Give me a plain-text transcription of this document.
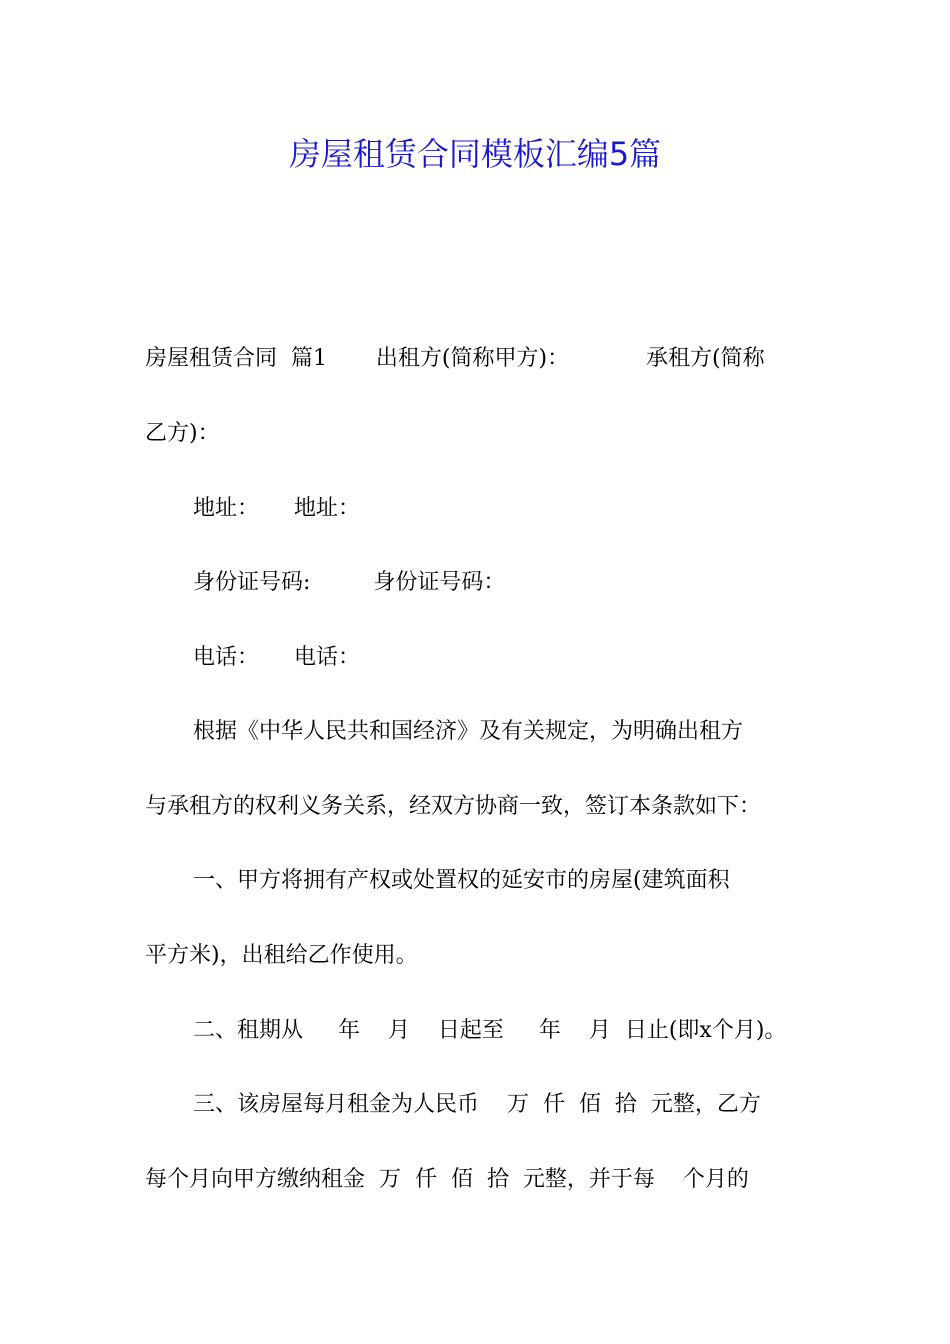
房屋租赁合同模板汇编5篇
房屋租赁合同  篇1       出租方(简称甲方)：           承租方(简称
乙方)：
地址：     地址：
身份证号码:         身份证号码：
电话：     电话：
根据《中华人民共和国经济》及有关规定，为明确出租方
与承租方的权利义务关系，经双方协商一致，签订本条款如下：
一、甲方将拥有产权或处置权的延安市的房屋(建筑面积
平方米)，出租给乙作使用。
二、租期从     年    月    日起至     年    月  日止(即x个月)。
三、该房屋每月租金为人民币    万  仟  佰  拾  元整，乙方
每个月向甲方缴纳租金  万  仟  佰  拾  元整，并于每    个月的
